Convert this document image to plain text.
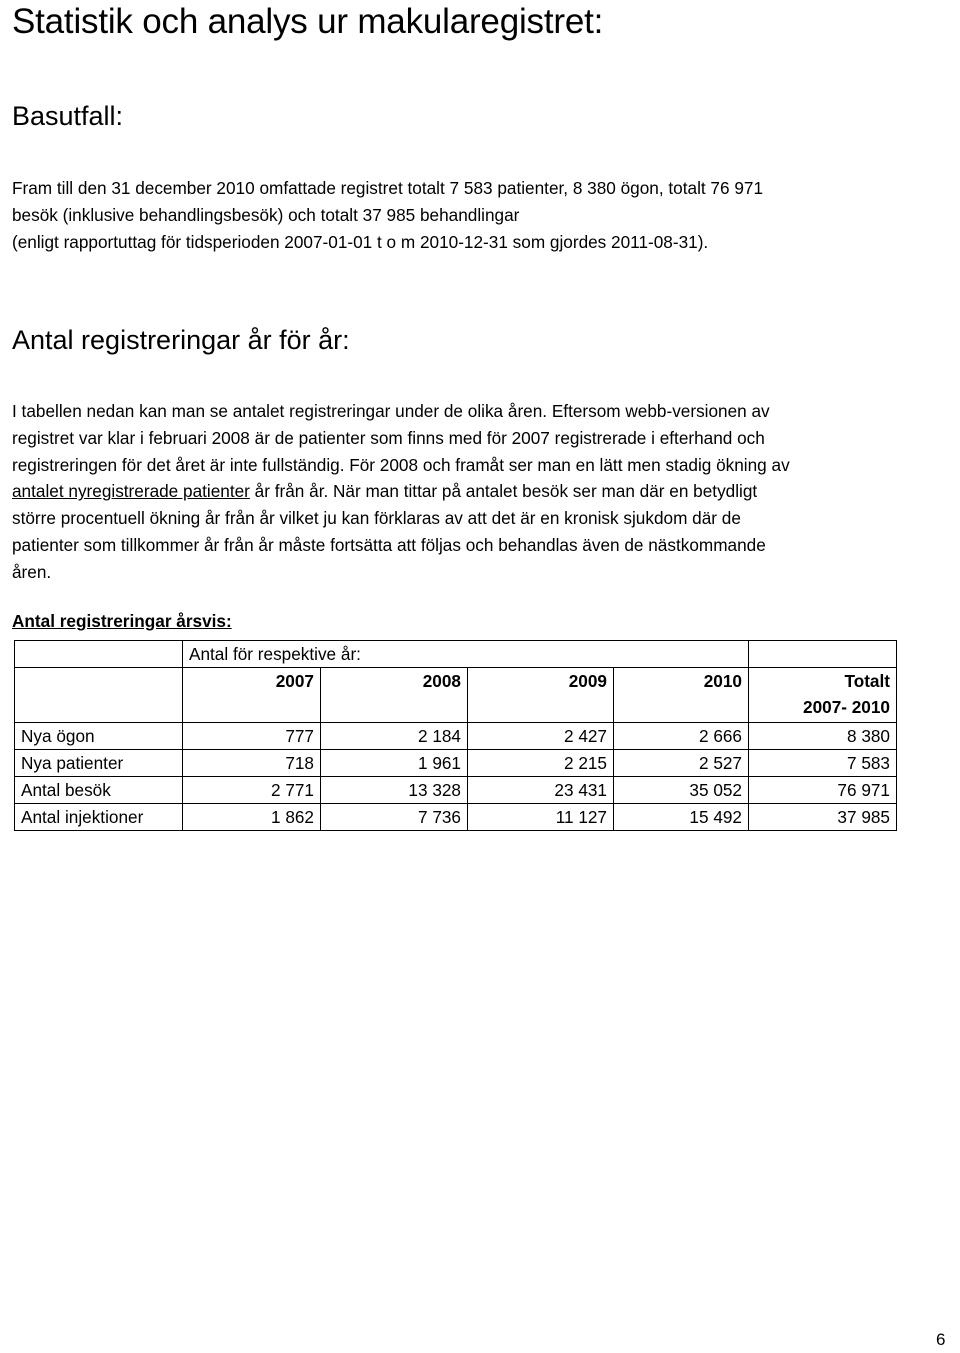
Statistik och analys ur makularegistret:
Basutfall:

Fram till den 31 december 2010 omfattade registret totalt 7 583 patienter, 8 380 ögon, totalt 76 971
besök (inklusive behandlingsbesök) och totalt 37 985 behandlingar
(enligt rapportuttag för tidsperioden 2007-01-01 t o m 2010-12-31 som gjordes 2011-08-31).

Antal registreringar år för år:

I tabellen nedan kan man se antalet registreringar under de olika åren. Eftersom webb-versionen av
registret var klar i februari 2008 är de patienter som finns med för 2007 registrerade i efterhand och
registreringen för det året är inte fullständig. För 2008 och framåt ser man en lätt men stadig ökning av
antalet nyregistrerade patienter år från år. När man tittar på antalet besök ser man där en betydligt
större procentuell ökning år från år vilket ju kan förklaras av att det är en kronisk sjukdom där de
patienter som tillkommer år från år måste fortsätta att följas och behandlas även de nästkommande
åren.

Antal registreringar årsvis:
	Antal för respektive år:				
	2007	2008	2009	2010	Totalt
2007- 2010

Nya ögon	777	2 184	2 427	2 666	8 380
Nya patienter	718	1 961	2 215	2 527	7 583
Antal besök	2 771	13 328	23 431	35 052	76 971
Antal injektioner	1 862	7 736	11 127	15 492	37 985
6
